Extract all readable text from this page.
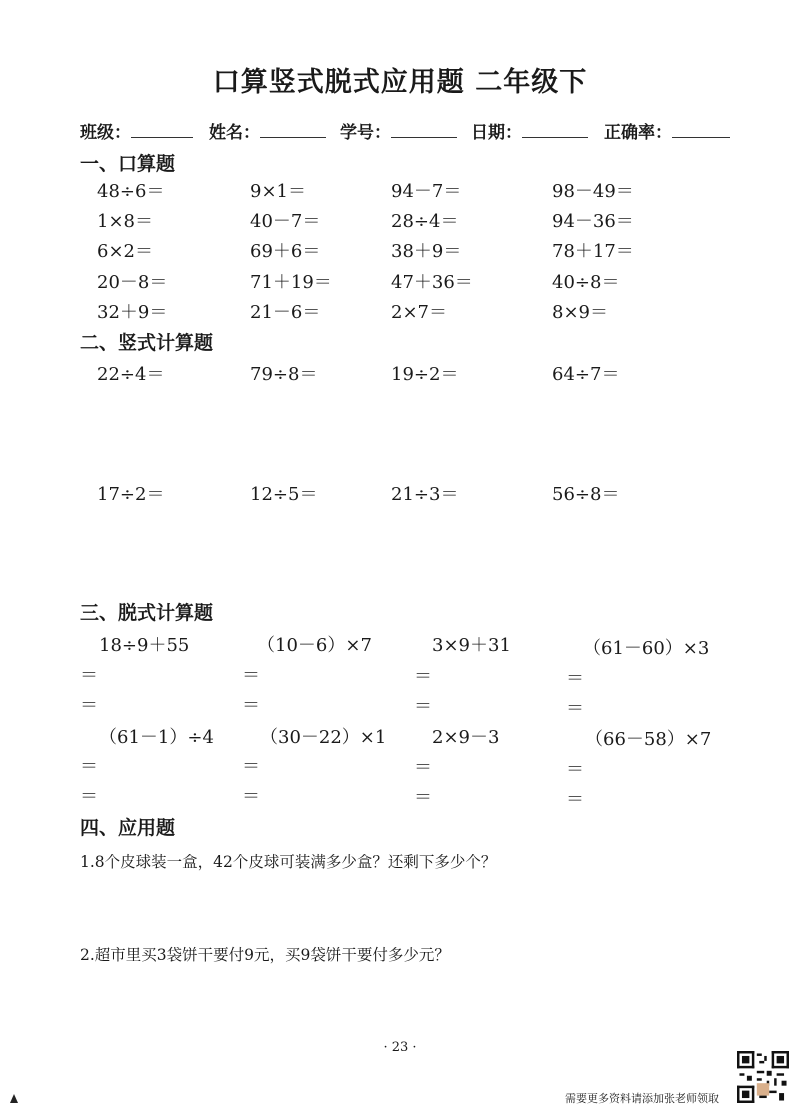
口算竖式脱式应用题 二年级下
班级：	姓名：	学号：	日期：	正确率：
一、口算题
48÷6＝	9×1＝	94－7＝	98－49＝
1×8＝	40－7＝	28÷4＝	94－36＝
6×2＝	69＋6＝	38＋9＝	78＋17＝
20－8＝	71＋19＝	47＋36＝	40÷8＝
32＋9＝	21－6＝	2×7＝	8×9＝
二、竖式计算题
22÷4＝	79÷8＝	19÷2＝	64÷7＝
17÷2＝	12÷5＝	21÷3＝	56÷8＝
三、脱式计算题
18÷9＋55	（10－6）×7	3×9＋31	（61－60）×3
＝	＝	＝	＝
＝	＝	＝	＝
（61－1）÷4	（30－22）×1	2×9－3	（66－58）×7
＝	＝	＝	＝
＝	＝	＝	＝
四、应用题
1.8个皮球装一盒，42个皮球可装满多少盒？还剩下多少个？
2.超市里买3袋饼干要付9元，买9袋饼干要付多少元？
· 23 ·
需要更多资料请添加张老师领取
